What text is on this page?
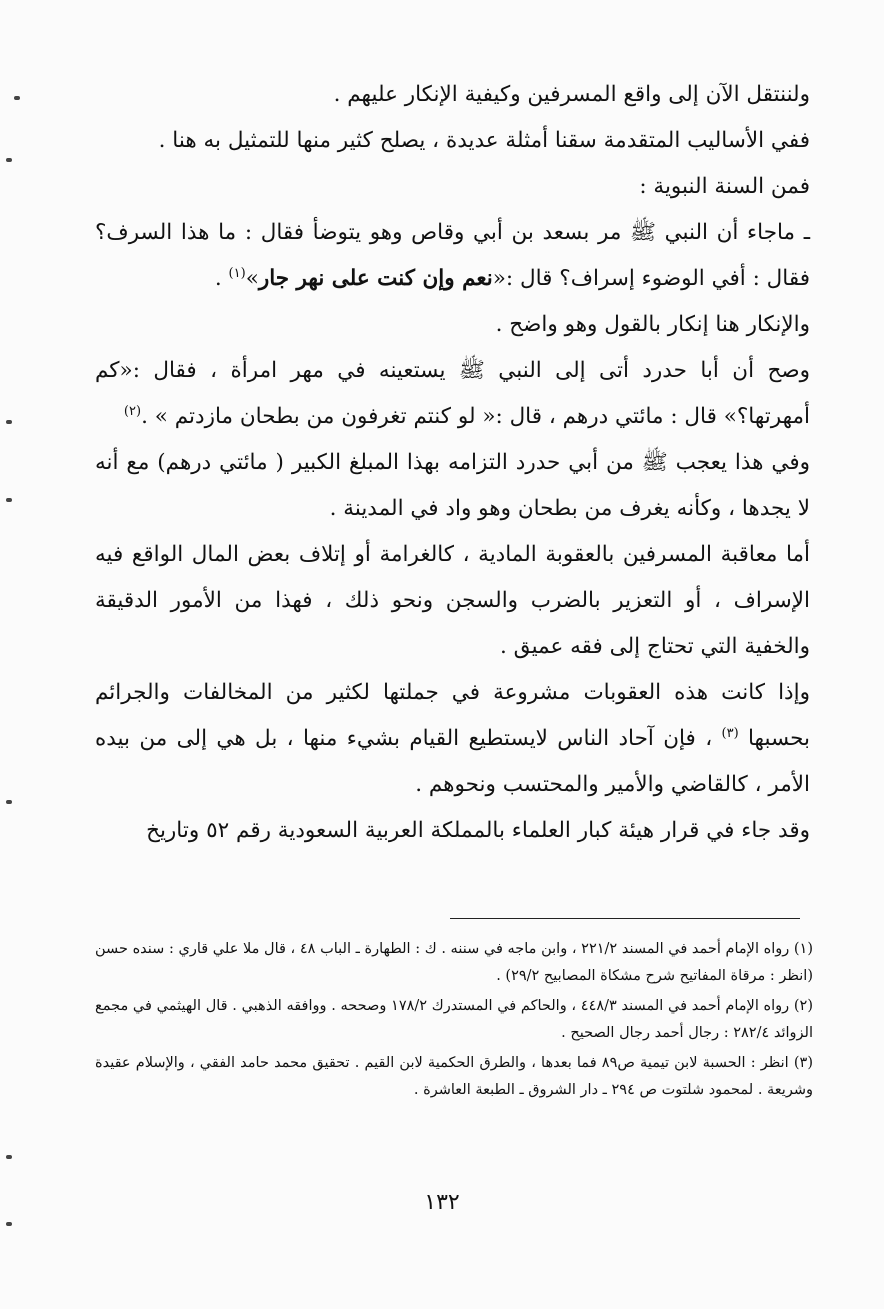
ولننتقل الآن إلى واقع المسرفين وكيفية الإنكار عليهم .

ففي الأساليب المتقدمة سقنا أمثلة عديدة ، يصلح كثير منها للتمثيل به هنا .

فمن السنة النبوية :

ـ ماجاء أن النبي ﷺ مر بسعد بن أبي وقاص وهو يتوضأ فقال : ما هذا السرف؟ فقال : أفي الوضوء إسراف؟ قال :«نعم وإن كنت على نهر جار»$^{(١)}$ .

والإنكار هنا إنكار بالقول وهو واضح .

وصح أن أبا حدرد أتى إلى النبي ﷺ يستعينه في مهر امرأة ، فقال :«كم أمهرتها؟» قال : مائتي درهم ، قال :« لو كنتم تغرفون من بطحان مازدتم » .$^{(٢)}$

وفي هذا يعجب ﷺ من أبي حدرد التزامه بهذا المبلغ الكبير ( مائتي درهم) مع أنه لا يجدها ، وكأنه يغرف من بطحان وهو واد في المدينة .

أما معاقبة المسرفين بالعقوبة المادية ، كالغرامة أو إتلاف بعض المال الواقع فيه الإسراف ، أو التعزير بالضرب والسجن ونحو ذلك ، فهذا من الأمور الدقيقة والخفية التي تحتاج إلى فقه عميق .

وإذا كانت هذه العقوبات مشروعة في جملتها لكثير من المخالفات والجرائم بحسبها $^{(٣)}$ ، فإن آحاد الناس لايستطيع القيام بشيء منها ، بل هي إلى من بيده الأمر ، كالقاضي والأمير والمحتسب ونحوهم .

وقد جاء في قرار هيئة كبار العلماء بالمملكة العربية السعودية رقم ٥٢ وتاريخ

(١) رواه الإمام أحمد في المسند ٢٢١/٢ ، وابن ماجه في سننه . ك : الطهارة ـ الباب ٤٨ ، قال ملا علي قاري : سنده حسن (انظر : مرقاة المفاتيح شرح مشكاة المصابيح ٢٩/٢) .

(٢) رواه الإمام أحمد في المسند ٤٤٨/٣ ، والحاكم في المستدرك ١٧٨/٢ وصححه . ووافقه الذهبي . قال الهيثمي في مجمع الزوائد ٢٨٢/٤ : رجال أحمد رجال الصحيح .

(٣) انظر : الحسبة لابن تيمية ص٨٩ فما بعدها ، والطرق الحكمية لابن القيم . تحقيق محمد حامد الفقي ، والإسلام عقيدة وشريعة . لمحمود شلتوت ص ٢٩٤ ـ دار الشروق ـ الطبعة العاشرة .

١٣٢
